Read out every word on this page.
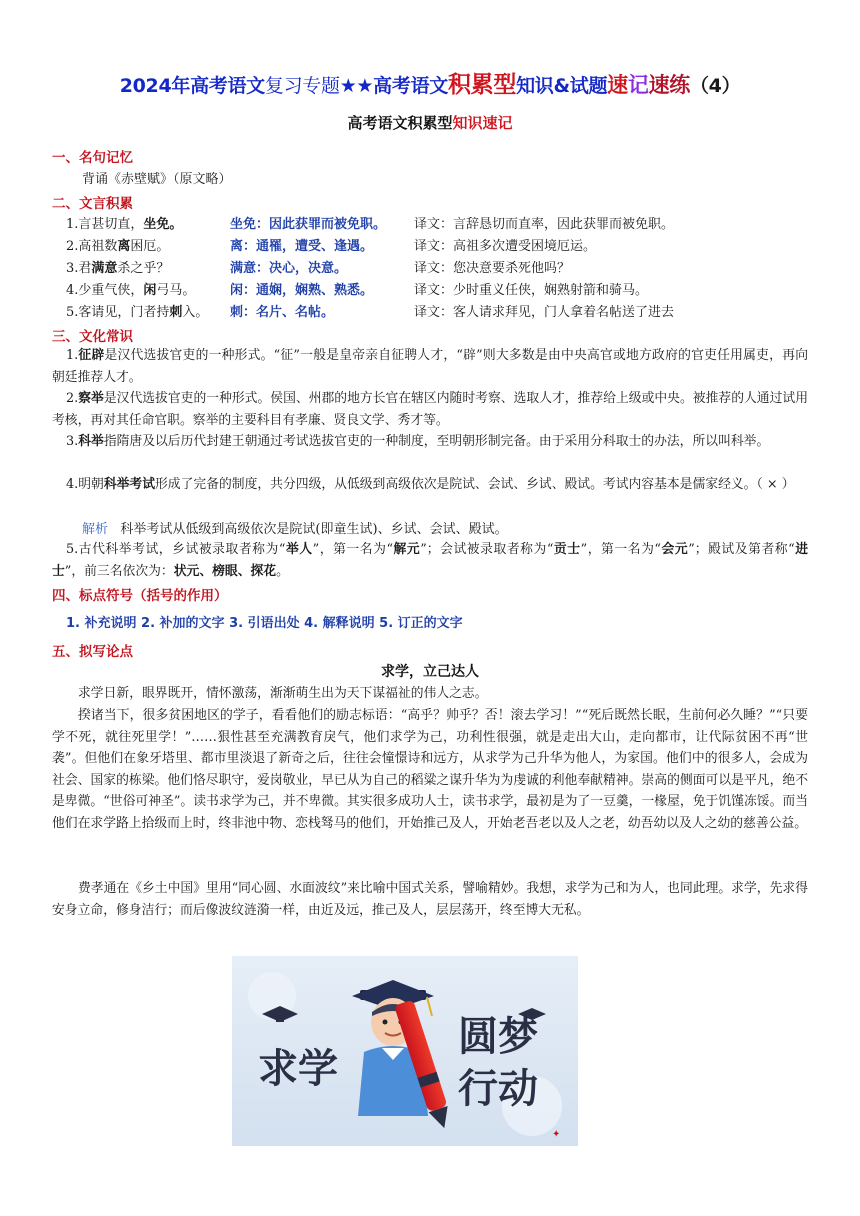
2024年高考语文复习专题★★高考语文积累型知识&试题速记速练（4）
高考语文积累型知识速记
一、名句记忆
背诵《赤壁赋》（原文略）
二、文言积累
1.言甚切直，坐免。	坐免：因此获罪而被免职。 译文：言辞恳切而直率，因此获罪而被免职。
2.高祖数离困厄。	离：通罹，遭受、逢遇。	译文：高祖多次遭受困境厄运。
3.君满意杀之乎？	满意：决心，决意。	译文：您决意要杀死他吗？
4.少重气侠，闲弓马。	闲：通娴，娴熟、熟悉。	译文：少时重义任侠，娴熟射箭和骑马。
5.客请见，门者持刺入。 刺：名片、名帖。	译文：客人请求拜见，门人拿着名帖送了进去
三、文化常识
1.征辟是汉代选拔官吏的一种形式。“征”一般是皇帝亲自征聘人才，“辟”则大多数是由中央高官或地方政府的官吏任用属吏，再向朝廷推荐人才。
2.察举是汉代选拔官吏的一种形式。侯国、州郡的地方长官在辖区内随时考察、选取人才，推荐给上级或中央。被推荐的人通过试用考核，再对其任命官职。察举的主要科目有孝廉、贤良文学、秀才等。
3.科举指隋唐及以后历代封建王朝通过考试选拔官吏的一种制度，至明朝形制完备。由于采用分科取士的办法，所以叫科举。
4.明朝科举考试形成了完备的制度，共分四级，从低级到高级依次是院试、会试、乡试、殿试。考试内容基本是儒家经义。（ × ）
解析 科举考试从低级到高级依次是院试(即童生试)、乡试、会试、殿试。
5.古代科举考试，乡试被录取者称为“举人”，第一名为“解元”；会试被录取者称为“贡士”，第一名为“会元”；殿试及第者称“进士”，前三名依次为：状元、榜眼、探花。
四、标点符号（括号的作用）
1. 补充说明 2. 补加的文字 3. 引语出处 4. 解释说明 5. 订正的文字
五、拟写论点
求学，立己达人
求学日新，眼界既开，情怀激荡，渐渐萌生出为天下谋福祉的伟人之志。
揆诸当下，很多贫困地区的学子，看看他们的励志标语：“高乎？帅乎？否！滚去学习！”“死后既然长眠，生前何必久睡？”“只要学不死，就往死里学！”……狠性甚至充满教育戾气，他们求学为己，功利性很强，就是走出大山，走向都市，让代际贫困不再“世袭”。但他们在象牙塔里、都市里淡退了新奇之后，往往会憧憬诗和远方，从求学为己升华为他人，为家国。他们中的很多人，会成为社会、国家的栋梁。他们恪尽职守，爱岗敬业，早已从为自己的稻粱之谋升华为为虔诚的利他奉献精神。崇高的侧面可以是平凡，绝不是卑微。“世俗可神圣”。读书求学为己，并不卑微。其实很多成功人士，读书求学，最初是为了一豆羹，一椽屋，免于饥馑冻馁。而当他们在求学路上拾级而上时，终非池中物、恋栈驽马的他们，开始推己及人，开始老吾老以及人之老，幼吾幼以及人之幼的慈善公益。
费孝通在《乡土中国》里用“同心圆、水面波纹”来比喻中国式关系，譬喻精妙。我想，求学为己和为人，也同此理。求学，先求得安身立命，修身洁行；而后像波纹涟漪一样，由近及远，推己及人，层层荡开，终至博大无私。
求学
圆梦
行动
✦
